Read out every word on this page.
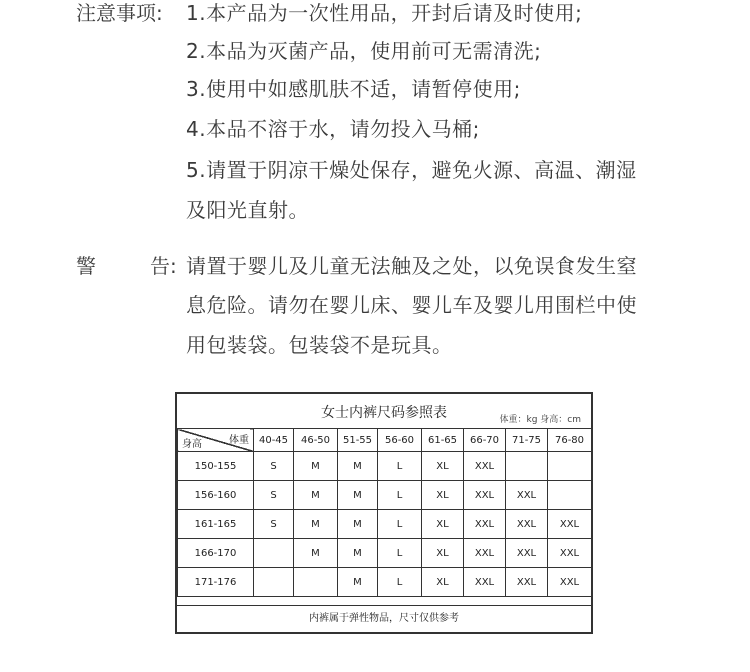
注意事项: 1.本产品为一次性用品，开封后请及时使用;
2.本品为灭菌产品，使用前可无需清洗;
3.使用中如感肌肤不适，请暂停使用;
4.本品不溶于水，请勿投入马桶;
5.请置于阴凉干燥处保存，避免火源、高温、潮湿
及阳光直射。
警	告: 请置于婴儿及儿童无法触及之处，以免误食发生窒
息危险。请勿在婴儿床、婴儿车及婴儿用围栏中使
用包装袋。包装袋不是玩具。
女士内裤尺码参照表	体重：kg 身高：cm
体重
身高	40-45	46-50	51-55	56-60	61-65	66-70	71-75	76-80
150-155	S	M	M	L	XL	XXL		
156-160	S	M	M	L	XL	XXL	XXL	
161-165	S	M	M	L	XL	XXL	XXL	XXL
166-170		M	M	L	XL	XXL	XXL	XXL
171-176			M	L	XL	XXL	XXL	XXL
内裤属于弹性物品，尺寸仅供参考
